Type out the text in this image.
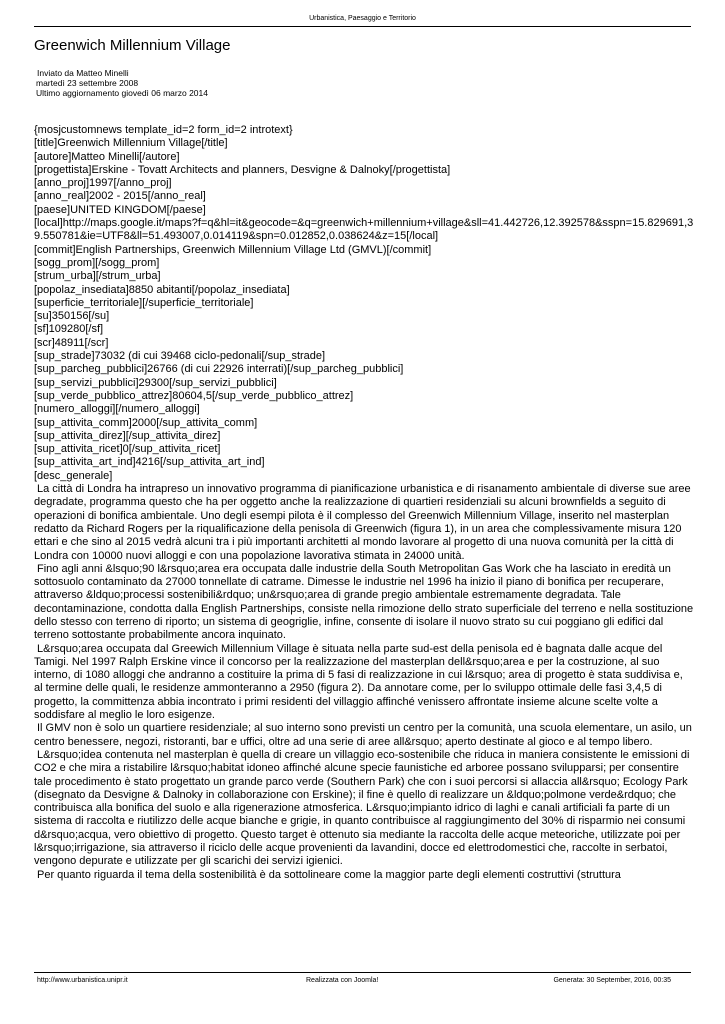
Urbanistica, Paesaggio e Territorio
Greenwich Millennium Village
Inviato da Matteo Minelli
martedì 23 settembre 2008
Ultimo aggiornamento giovedì 06 marzo 2014
{mosjcustomnews template_id=2 form_id=2 introtext}
[title]Greenwich Millennium Village[/title]
[autore]Matteo Minelli[/autore]
[progettista]Erskine - Tovatt Architects and planners, Desvigne & Dalnoky[/progettista]
[anno_proj]1997[/anno_proj]
[anno_real]2002 - 2015[/anno_real]
[paese]UNITED KINGDOM[/paese]
[local]http://maps.google.it/maps?f=q&hl=it&geocode=&q=greenwich+millennium+village&sll=41.442726,12.392578&sspn=15.829691,39.550781&ie=UTF8&ll=51.493007,0.014119&spn=0.012852,0.038624&z=15[/local]
[commit]English Partnerships, Greenwich Millennium Village Ltd (GMVL)[/commit]
[sogg_prom][/sogg_prom]
[strum_urba][/strum_urba]
[popolaz_insediata]8850 abitanti[/popolaz_insediata]
[superficie_territoriale][/superficie_territoriale]
[su]350156[/su]
[sf]109280[/sf]
[scr]48911[/scr]
[sup_strade]73032 (di cui 39468 ciclo-pedonali[/sup_strade]
[sup_parcheg_pubblici]26766 (di cui 22926 interrati)[/sup_parcheg_pubblici]
[sup_servizi_pubblici]29300[/sup_servizi_pubblici]
[sup_verde_pubblico_attrez]80604,5[/sup_verde_pubblico_attrez]
[numero_alloggi][/numero_alloggi]
[sup_attivita_comm]2000[/sup_attivita_comm]
[sup_attivita_direz][/sup_attivita_direz]
[sup_attivita_ricet]0[/sup_attivita_ricet]
[sup_attivita_art_ind]4216[/sup_attivita_art_ind]
[desc_generale]
La città di Londra ha intrapreso un innovativo programma di pianificazione urbanistica e di risanamento ambientale di diverse sue aree degradate, programma questo che ha per oggetto anche la realizzazione di quartieri residenziali su alcuni brownfields a seguito di operazioni di bonifica ambientale. Uno degli esempi pilota è il complesso del Greenwich Millennium Village, inserito nel masterplan redatto da Richard Rogers per la riqualificazione della penisola di Greenwich (figura 1), in un area che complessivamente misura 120 ettari e che sino al 2015 vedrà alcuni tra i più importanti architetti al mondo lavorare al progetto di una nuova comunità per la città di Londra con 10000 nuovi alloggi e con una popolazione lavorativa stimata in 24000 unità.
Fino agli anni &lsquo;90 l&rsquo;area era occupata dalle industrie della South Metropolitan Gas Work che ha lasciato in eredità un sottosuolo contaminato da 27000 tonnellate di catrame. Dimesse le industrie nel 1996 ha inizio il piano di bonifica per recuperare, attraverso &ldquo;processi sostenibili&rdquo; un&rsquo;area di grande pregio ambientale estremamente degradata. Tale decontaminazione, condotta dalla English Partnerships, consiste nella rimozione dello strato superficiale del terreno e nella sostituzione dello stesso con terreno di riporto; un sistema di geogriglie, infine, consente di isolare il nuovo strato su cui poggiano gli edifici dal terreno sottostante probabilmente ancora inquinato.
L&rsquo;area occupata dal Greewich Millennium Village è situata nella parte sud-est della penisola ed è bagnata dalle acque del Tamigi. Nel 1997 Ralph Erskine vince il concorso per la realizzazione del masterplan dell&rsquo;area e per la costruzione, al suo interno, di 1080 alloggi che andranno a costituire la prima di 5 fasi di realizzazione in cui l&rsquo; area di progetto è stata suddivisa e, al termine delle quali, le residenze ammonteranno a 2950 (figura 2). Da annotare come, per lo sviluppo ottimale delle fasi 3,4,5 di progetto, la committenza abbia incontrato i primi residenti del villaggio affinché venissero affrontate insieme alcune scelte volte a soddisfare al meglio le loro esigenze.
Il GMV non è solo un quartiere residenziale; al suo interno sono previsti un centro per la comunità, una scuola elementare, un asilo, un centro benessere, negozi, ristoranti, bar e uffici, oltre ad una serie di aree all&rsquo; aperto destinate al gioco e al tempo libero.
L&rsquo;idea contenuta nel masterplan è quella di creare un villaggio eco-sostenibile che riduca in maniera consistente le emissioni di CO2 e che mira a ristabilire l&rsquo;habitat idoneo affinché alcune specie faunistiche ed arboree possano svilupparsi; per consentire tale procedimento è stato progettato un grande parco verde (Southern Park) che con i suoi percorsi si allaccia all&rsquo; Ecology Park (disegnato da Desvigne & Dalnoky in collaborazione con Erskine); il fine è quello di realizzare un &ldquo;polmone verde&rdquo; che contribuisca alla bonifica del suolo e alla rigenerazione atmosferica. L&rsquo;impianto idrico di laghi e canali artificiali fa parte di un sistema di raccolta e riutilizzo delle acque bianche e grigie, in quanto contribuisce al raggiungimento del 30% di risparmio nei consumi d&rsquo;acqua, vero obiettivo di progetto. Questo target è ottenuto sia mediante la raccolta delle acque meteoriche, utilizzate poi per l&rsquo;irrigazione, sia attraverso il riciclo delle acque provenienti da lavandini, docce ed elettrodomestici che, raccolte in serbatoi, vengono depurate e utilizzate per gli scarichi dei servizi igienici.
Per quanto riguarda il tema della sostenibilità è da sottolineare come la maggior parte degli elementi costruttivi (struttura
http://www.urbanistica.unipr.it	Realizzata con Joomla!	Generata: 30 September, 2016, 00:35
